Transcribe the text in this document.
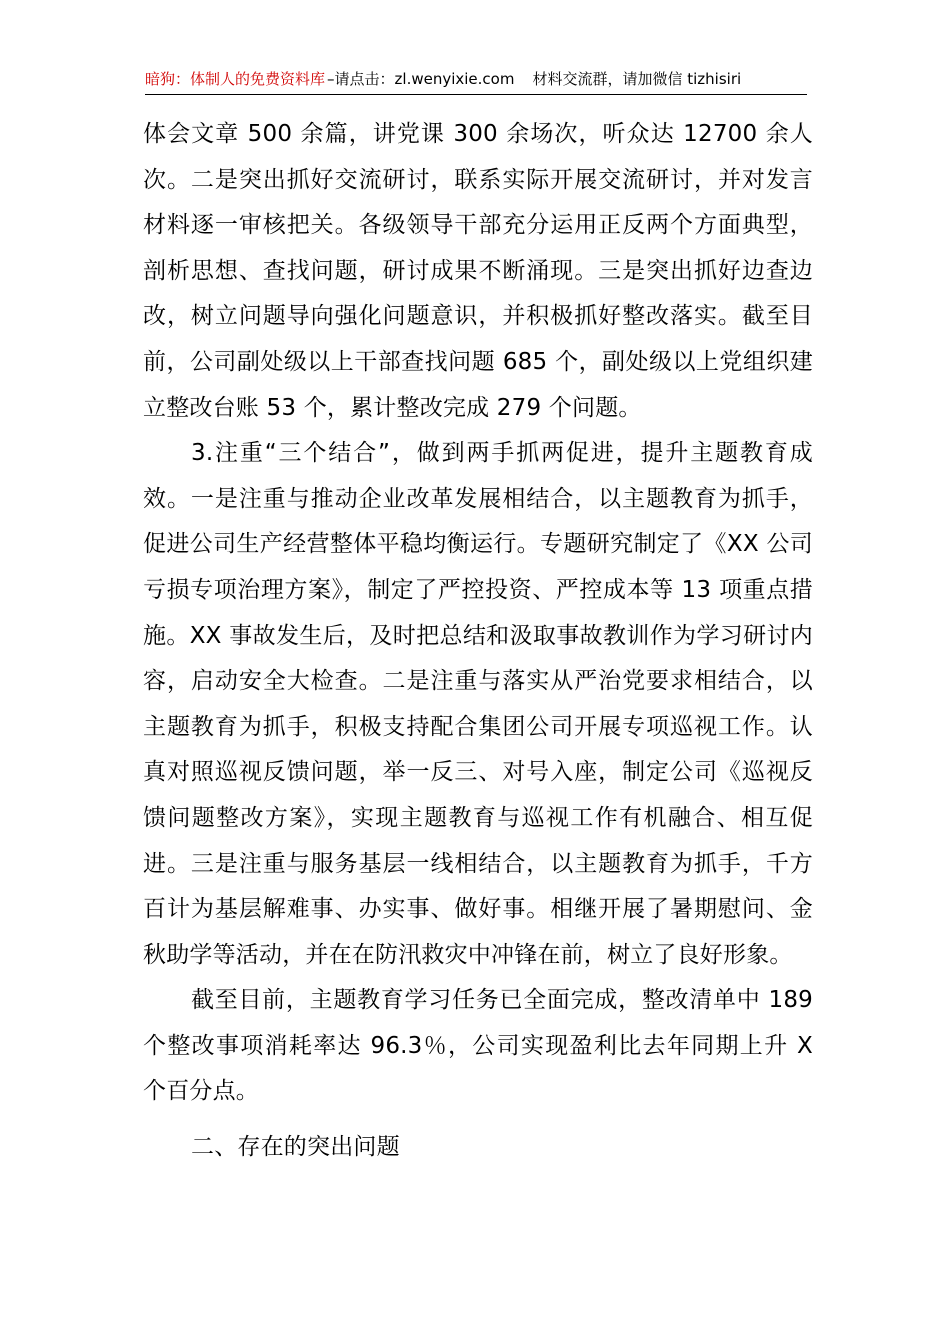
暗狗：体制人的免费资料库 –请点击：zl.wenyixie.com 材料交流群，请加微信 tizhisiri

体会文章 500 余篇，讲党课 300 余场次，听众达 12700 余人次。二是突出抓好交流研讨，联系实际开展交流研讨，并对发言材料逐一审核把关。各级领导干部充分运用正反两个方面典型，剖析思想、查找问题，研讨成果不断涌现。三是突出抓好边查边改，树立问题导向强化问题意识，并积极抓好整改落实。截至目前，公司副处级以上干部查找问题 685 个，副处级以上党组织建立整改台账 53 个，累计整改完成 279 个问题。

3.注重“三个结合”，做到两手抓两促进，提升主题教育成效。一是注重与推动企业改革发展相结合，以主题教育为抓手，促进公司生产经营整体平稳均衡运行。专题研究制定了《XX 公司亏损专项治理方案》，制定了严控投资、严控成本等 13 项重点措施。XX 事故发生后，及时把总结和汲取事故教训作为学习研讨内容，启动安全大检查。二是注重与落实从严治党要求相结合，以主题教育为抓手，积极支持配合集团公司开展专项巡视工作。认真对照巡视反馈问题，举一反三、对号入座，制定公司《巡视反馈问题整改方案》，实现主题教育与巡视工作有机融合、相互促进。三是注重与服务基层一线相结合，以主题教育为抓手，千方百计为基层解难事、办实事、做好事。相继开展了暑期慰问、金秋助学等活动，并在在防汛救灾中冲锋在前，树立了良好形象。

截至目前，主题教育学习任务已全面完成，整改清单中 189 个整改事项消耗率达 96.3％，公司实现盈利比去年同期上升 X 个百分点。

二、存在的突出问题
